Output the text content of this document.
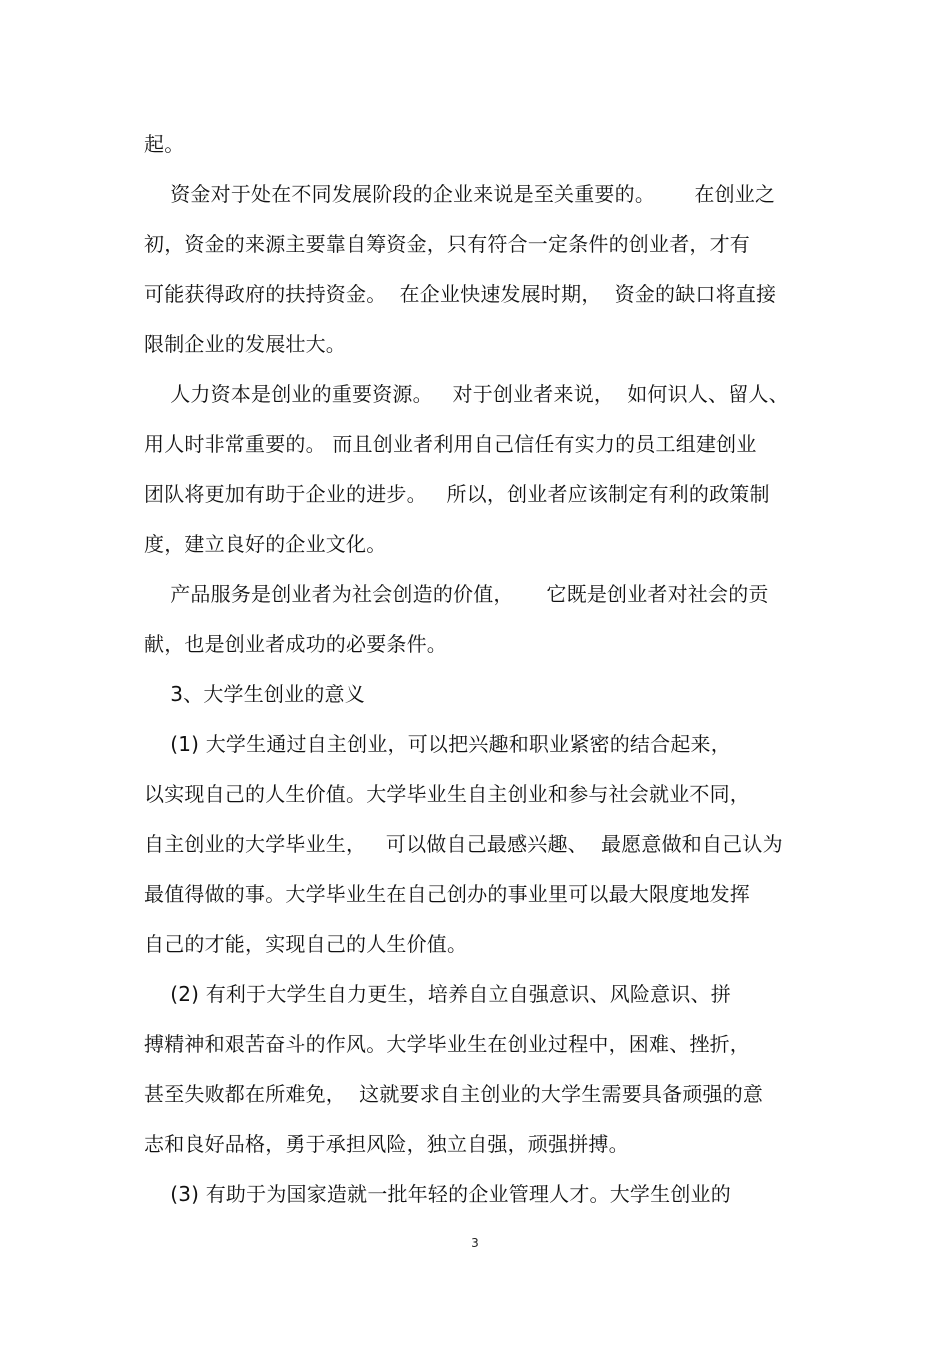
起。
资金对于处在不同发展阶段的企业来说是至关重要的。      在创业之
初，资金的来源主要靠自筹资金，只有符合一定条件的创业者，才有
可能获得政府的扶持资金。  在企业快速发展时期，  资金的缺口将直接
限制企业的发展壮大。
人力资本是创业的重要资源。   对于创业者来说，  如何识人、留人、
用人时非常重要的。 而且创业者利用自己信任有实力的员工组建创业
团队将更加有助于企业的进步。   所以，创业者应该制定有利的政策制
度，建立良好的企业文化。
产品服务是创业者为社会创造的价值，     它既是创业者对社会的贡
献，也是创业者成功的必要条件。
3、大学生创业的意义
(1) 大学生通过自主创业，可以把兴趣和职业紧密的结合起来，
以实现自己的人生价值。大学毕业生自主创业和参与社会就业不同，
自主创业的大学毕业生，   可以做自己最感兴趣、  最愿意做和自己认为
最值得做的事。大学毕业生在自己创办的事业里可以最大限度地发挥
自己的才能，实现自己的人生价值。
(2) 有利于大学生自力更生，培养自立自强意识、风险意识、拼
搏精神和艰苦奋斗的作风。大学毕业生在创业过程中，困难、挫折，
甚至失败都在所难免，  这就要求自主创业的大学生需要具备顽强的意
志和良好品格，勇于承担风险，独立自强，顽强拼搏。
(3) 有助于为国家造就一批年轻的企业管理人才。大学生创业的
3
